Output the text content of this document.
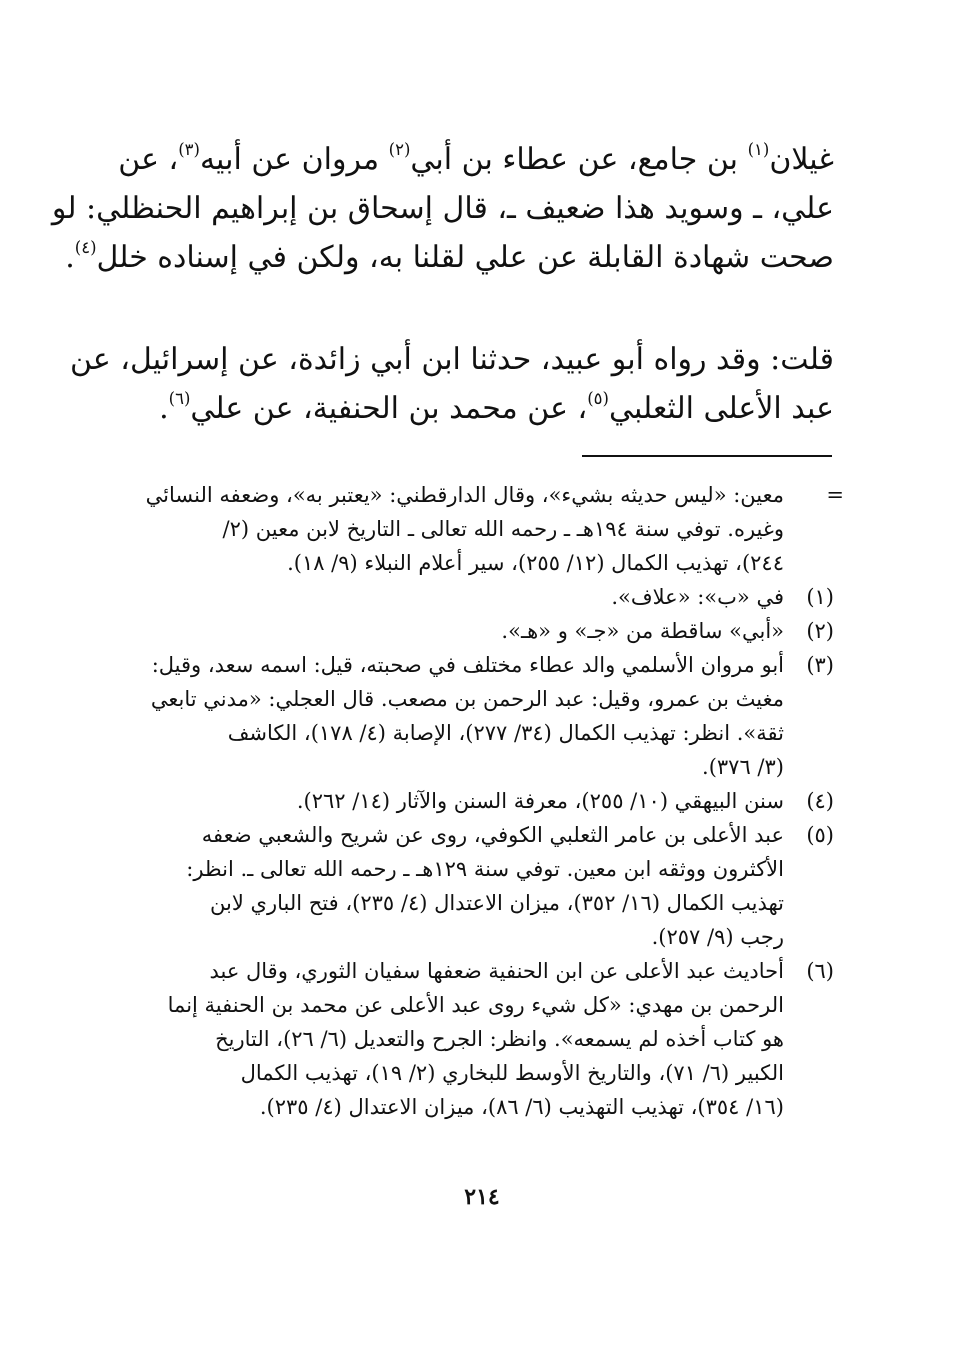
غيلان$^{(١)}$ بن جامع، عن عطاء بن أبي$^{(٢)}$ مروان عن أبيه$^{(٣)}$، عن
علي، ـ وسويد هذا ضعيف ـ، قال إسحاق بن إبراهيم الحنظلي: لو
صحت شهادة القابلة عن علي لقلنا به، ولكن في إسناده خلل$^{(٤)}$.
قلت: وقد رواه أبو عبيد، حدثنا ابن أبي زائدة، عن إسرائيل، عن
عبد الأعلى الثعلبي$^{(٥)}$، عن محمد بن الحنفية، عن علي$^{(٦)}$.
=
معين: «ليس حديثه بشيء»، وقال الدارقطني: «يعتبر به»، وضعفه النسائي
وغيره. توفي سنة ١٩٤هـ ـ رحمه الله تعالى ـ التاريخ لابن معين (٢/
٢٤٤)، تهذيب الكمال (١٢/ ٢٥٥)، سير أعلام النبلاء (٩/ ١٨).
(١)
في «ب»: «علاف».
(٢)
«أبي» ساقطة من «جـ» و «هـ».
(٣)
أبو مروان الأسلمي والد عطاء مختلف في صحبته، قيل: اسمه سعد، وقيل:
مغيث بن عمرو، وقيل: عبد الرحمن بن مصعب. قال العجلي: «مدني تابعي
ثقة». انظر: تهذيب الكمال (٣٤/ ٢٧٧)، الإصابة (٤/ ١٧٨)، الكاشف
(٣/ ٣٧٦).
(٤)
سنن البيهقي (١٠/ ٢٥٥)، معرفة السنن والآثار (١٤/ ٢٦٢).
(٥)
عبد الأعلى بن عامر الثعلبي الكوفي، روى عن شريح والشعبي ضعفه
الأكثرون ووثقه ابن معين. توفي سنة ١٢٩هـ ـ رحمه الله تعالى ـ. انظر:
تهذيب الكمال (١٦/ ٣٥٢)، ميزان الاعتدال (٤/ ٢٣٥)، فتح الباري لابن
رجب (٩/ ٢٥٧).
(٦)
أحاديث عبد الأعلى عن ابن الحنفية ضعفها سفيان الثوري، وقال عبد
الرحمن بن مهدي: «كل شيء روى عبد الأعلى عن محمد بن الحنفية إنما
هو كتاب أخذه لم يسمعه». وانظر: الجرح والتعديل (٦/ ٢٦)، التاريخ
الكبير (٦/ ٧١)، والتاريخ الأوسط للبخاري (٢/ ١٩)، تهذيب الكمال
(١٦/ ٣٥٤)، تهذيب التهذيب (٦/ ٨٦)، ميزان الاعتدال (٤/ ٢٣٥).
٢١٤
